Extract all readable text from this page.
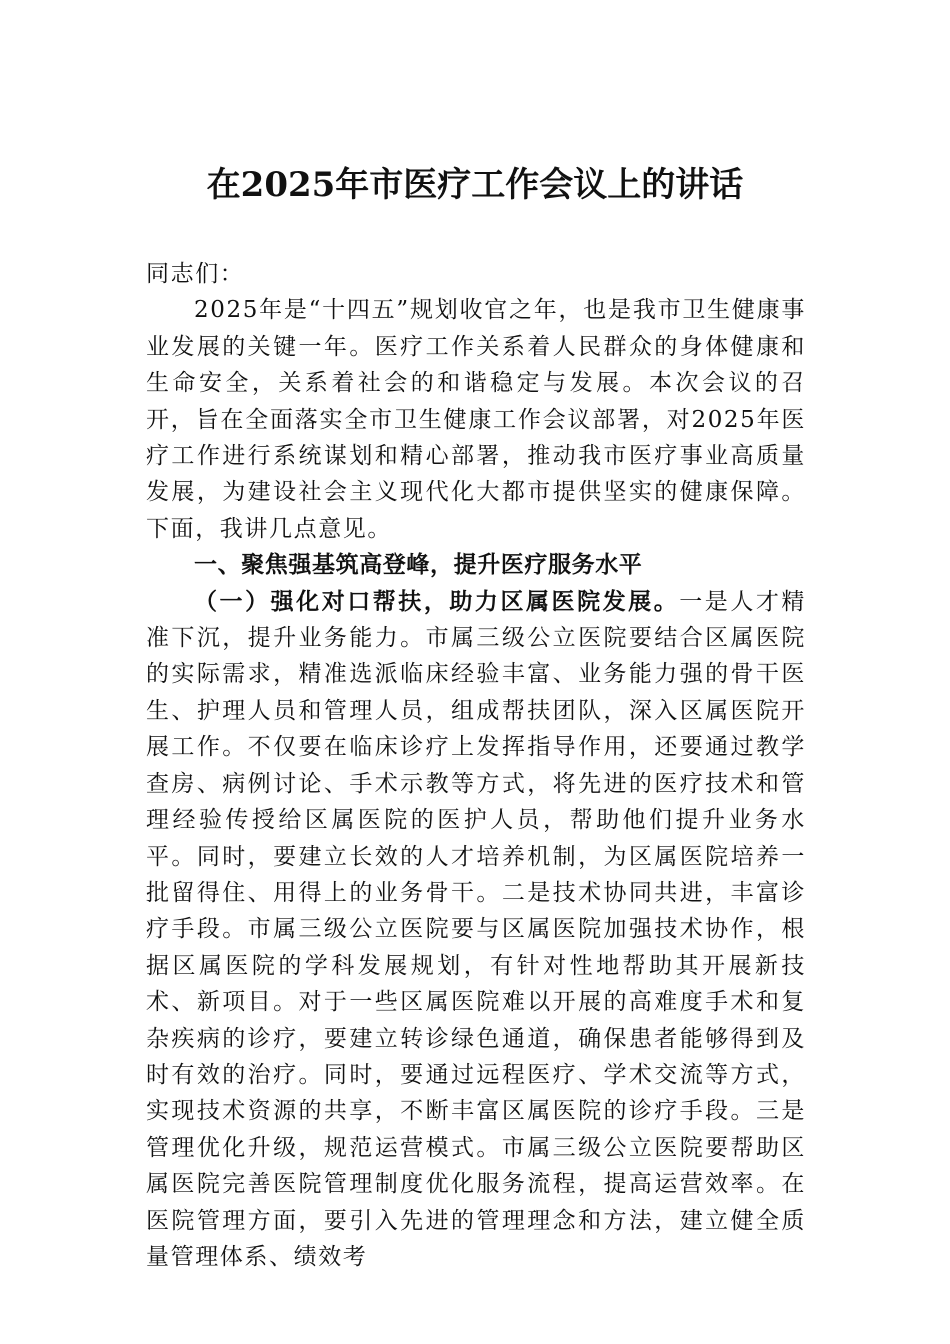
在2025年市医疗工作会议上的讲话

同志们：

2025年是“十四五”规划收官之年，也是我市卫生健康事业发展的关键一年。医疗工作关系着人民群众的身体健康和生命安全，关系着社会的和谐稳定与发展。本次会议的召开，旨在全面落实全市卫生健康工作会议部署，对2025年医疗工作进行系统谋划和精心部署，推动我市医疗事业高质量发展，为建设社会主义现代化大都市提供坚实的健康保障。下面，我讲几点意见。

一、聚焦强基筑高登峰，提升医疗服务水平

（一）强化对口帮扶，助力区属医院发展。一是人才精准下沉，提升业务能力。市属三级公立医院要结合区属医院的实际需求，精准选派临床经验丰富、业务能力强的骨干医生、护理人员和管理人员，组成帮扶团队，深入区属医院开展工作。不仅要在临床诊疗上发挥指导作用，还要通过教学查房、病例讨论、手术示教等方式，将先进的医疗技术和管理经验传授给区属医院的医护人员，帮助他们提升业务水平。同时，要建立长效的人才培养机制，为区属医院培养一批留得住、用得上的业务骨干。二是技术协同共进，丰富诊疗手段。市属三级公立医院要与区属医院加强技术协作，根据区属医院的学科发展规划，有针对性地帮助其开展新技术、新项目。对于一些区属医院难以开展的高难度手术和复杂疾病的诊疗，要建立转诊绿色通道，确保患者能够得到及时有效的治疗。同时，要通过远程医疗、学术交流等方式，实现技术资源的共享，不断丰富区属医院的诊疗手段。三是管理优化升级，规范运营模式。市属三级公立医院要帮助区属医院完善医院管理制度优化服务流程，提高运营效率。在医院管理方面，要引入先进的管理理念和方法，建立健全质量管理体系、绩效考
